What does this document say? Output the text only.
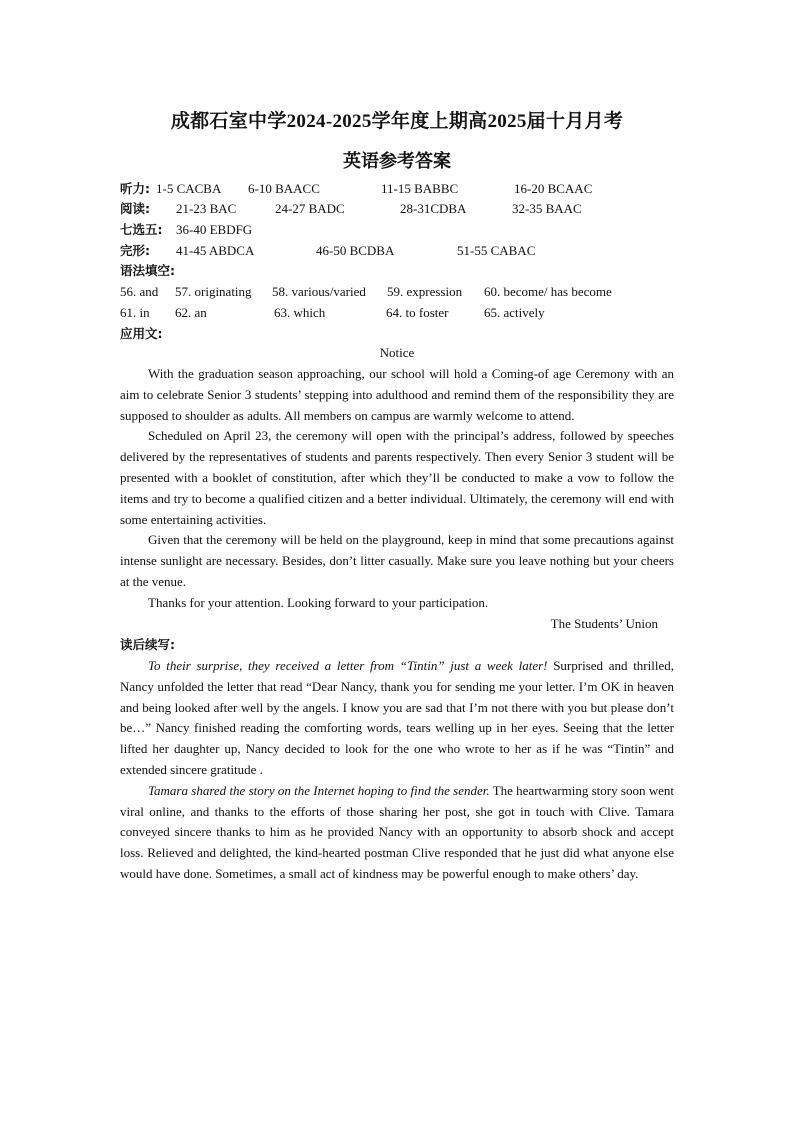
成都石室中学2024-2025学年度上期高2025届十月月考
英语参考答案
听力: 1-5 CACBA 6-10 BAACC	11-15 BABBC	16-20 BCAAC
阅读: 21-23 BAC	24-27 BADC	28-31CDBA	32-35 BAAC
七选五: 36-40 EBDFG
完形: 41-45 ABDCA	46-50 BCDBA	51-55 CABAC
语法填空:
56. and 57. originating 58. various/varied 59. expression 60. become/ has become
61. in 62. an	63. which	64. to foster	65. actively
应用文:
Notice

With the graduation season approaching, our school will hold a Coming-of age Ceremony with an aim to celebrate Senior 3 students’ stepping into adulthood and remind them of the responsibility they are supposed to shoulder as adults. All members on campus are warmly welcome to attend.

Scheduled on April 23, the ceremony will open with the principal’s address, followed by speeches delivered by the representatives of students and parents respectively. Then every Senior 3 student will be presented with a booklet of constitution, after which they’ll be conducted to make a vow to follow the items and try to become a qualified citizen and a better individual. Ultimately, the ceremony will end with some entertaining activities.

Given that the ceremony will be held on the playground, keep in mind that some precautions against intense sunlight are necessary. Besides, don’t litter casually. Make sure you leave nothing but your cheers at the venue.

Thanks for your attention. Looking forward to your participation.

The Students’ Union

读后续写:

To their surprise, they received a letter from “Tintin” just a week later! Surprised and thrilled, Nancy unfolded the letter that read “Dear Nancy, thank you for sending me your letter. I’m OK in heaven and being looked after well by the angels. I know you are sad that I’m not there with you but please don’t be…” Nancy finished reading the comforting words, tears welling up in her eyes. Seeing that the letter lifted her daughter up, Nancy decided to look for the one who wrote to her as if he was “Tintin” and extended sincere gratitude .

Tamara shared the story on the Internet hoping to find the sender. The heartwarming story soon went viral online, and thanks to the efforts of those sharing her post, she got in touch with Clive. Tamara conveyed sincere thanks to him as he provided Nancy with an opportunity to absorb shock and accept loss. Relieved and delighted, the kind-hearted postman Clive responded that he just did what anyone else would have done. Sometimes, a small act of kindness may be powerful enough to make others’ day.
